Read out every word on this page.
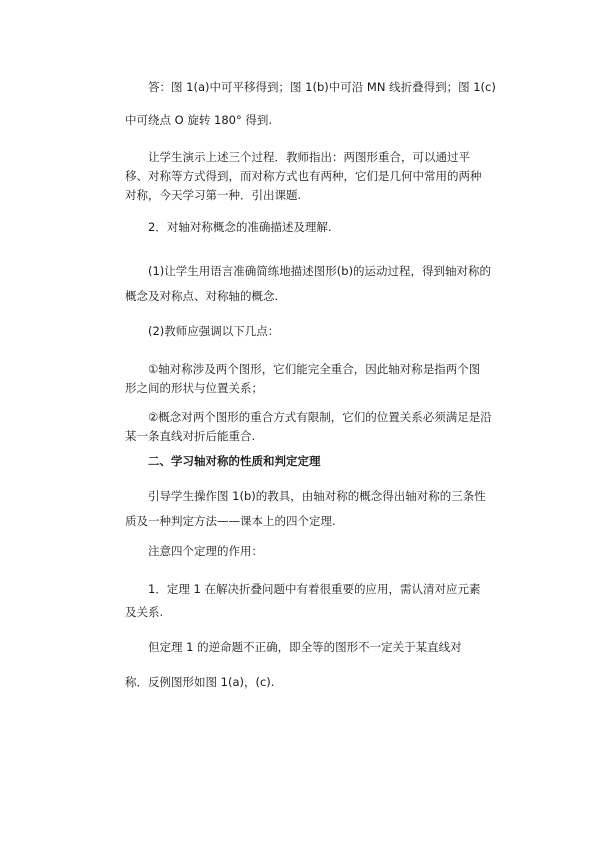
答：图 1(a)中可平移得到；图 1(b)中可沿 MN 线折叠得到；图 1(c)

中可绕点 O 旋转 180° 得到.

让学生演示上述三个过程．教师指出：两图形重合，可以通过平

移、对称等方式得到，而对称方式也有两种，它们是几何中常用的两种

对称，今天学习第一种．引出课题.

2．对轴对称概念的准确描述及理解.

(1)让学生用语言准确简练地描述图形(b)的运动过程，得到轴对称的

概念及对称点、对称轴的概念.

(2)教师应强调以下几点：

①轴对称涉及两个图形，它们能完全重合，因此轴对称是指两个图

形之间的形状与位置关系；

②概念对两个图形的重合方式有限制，它们的位置关系必须满足是沿

某一条直线对折后能重合.

二、学习轴对称的性质和判定定理

引导学生操作图 1(b)的教具，由轴对称的概念得出轴对称的三条性

质及一种判定方法——课本上的四个定理.

注意四个定理的作用：

1．定理 1 在解决折叠问题中有着很重要的应用，需认清对应元素

及关系.

但定理 1 的逆命题不正确，即全等的图形不一定关于某直线对

称．反例图形如图 1(a)，(c).
